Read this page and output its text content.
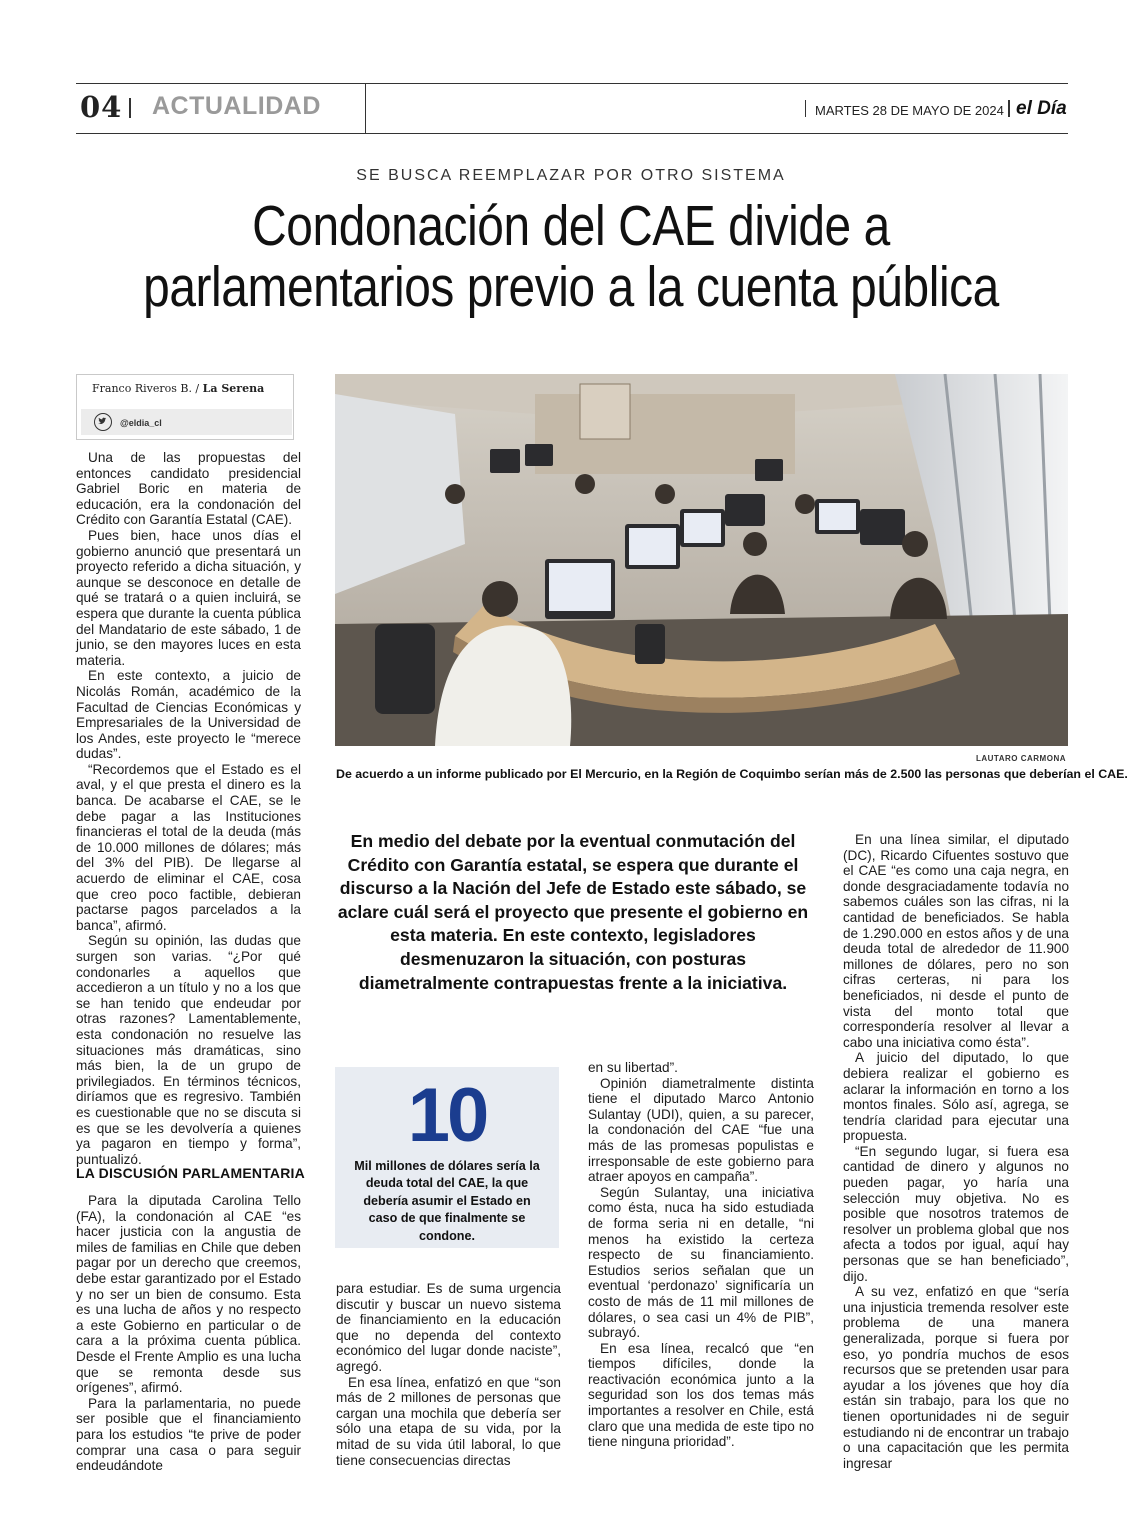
04 ACTUALIDAD	MARTES 28 DE MAYO DE 2024 el Día
SE BUSCA REEMPLAZAR POR OTRO SISTEMA
Condonación del CAE divide a
parlamentarios previo a la cuenta pública
Franco Riveros B. / La Serena
@eldia_cl

Una de las propuestas del entonces candidato presidencial Gabriel Boric en materia de educación, era la condonación del Crédito con Garantía Estatal (CAE).

Pues bien, hace unos días el gobierno anunció que presentará un proyecto referido a dicha situación, y aunque se desconoce en detalle de qué se tratará o a quien incluirá, se espera que durante la cuenta pública del Mandatario de este sábado, 1 de junio, se den mayores luces en esta materia.

En este contexto, a juicio de Nicolás Román, académico de la Facultad de Ciencias Económicas y Empresariales de la Universidad de los Andes, este proyecto le “merece dudas”.

“Recordemos que el Estado es el aval, y el que presta el dinero es la banca. De acabarse el CAE, se le debe pagar a las Instituciones financieras el total de la deuda (más de 10.000 millones de dólares; más del 3% del PIB). De llegarse al acuerdo de eliminar el CAE, cosa que creo poco factible, debieran pactarse pagos parcelados a la banca”, afirmó.

Según su opinión, las dudas que surgen son varias. “¿Por qué condonarles a aquellos que accedieron a un título y no a los que se han tenido que endeudar por otras razones? Lamentablemente, esta condonación no resuelve las situaciones más dramáticas, sino más bien, la de un grupo de privilegiados. En términos técnicos, diríamos que es regresivo. También es cuestionable que no se discuta si es que se les devolvería a quienes ya pagaron en tiempo y forma”, puntualizó.

LA DISCUSIÓN PARLAMENTARIA

Para la diputada Carolina Tello (FA), la condonación al CAE “es hacer justicia con la angustia de miles de familias en Chile que deben pagar por un derecho que creemos, debe estar garantizado por el Estado y no ser un bien de consumo. Esta es una lucha de años y no respecto a este Gobierno en particular o de cara a la próxima cuenta pública. Desde el Frente Amplio es una lucha que se remonta desde sus orígenes”, afirmó.

Para la parlamentaria, no puede ser posible que el financiamiento para los estudios “te prive de poder comprar una casa o para seguir endeudándote

LAUTARO CARMONA
De acuerdo a un informe publicado por El Mercurio, en la Región de Coquimbo serían más de 2.500 las personas que deberían el CAE.
En medio del debate por la eventual conmutación del Crédito con Garantía estatal, se espera que durante el discurso a la Nación del Jefe de Estado este sábado, se aclare cuál será el proyecto que presente el gobierno en esta materia. En este contexto, legisladores desmenuzaron la situación, con posturas diametralmente contrapuestas frente a la iniciativa.
10
Mil millones de dólares sería la deuda total del CAE, la que debería asumir el Estado en caso de que finalmente se condone.

para estudiar. Es de suma urgencia discutir y buscar un nuevo sistema de financiamiento en la educación que no dependa del contexto económico del lugar donde naciste”, agregó.

En esa línea, enfatizó en que “son más de 2 millones de personas que cargan una mochila que debería ser sólo una etapa de su vida, por la mitad de su vida útil laboral, lo que tiene consecuencias directas

en su libertad”.

Opinión diametralmente distinta tiene el diputado Marco Antonio Sulantay (UDI), quien, a su parecer, la condonación del CAE “fue una más de las promesas populistas e irresponsable de este gobierno para atraer apoyos en campaña”.

Según Sulantay, una iniciativa como ésta, nuca ha sido estudiada de forma seria ni en detalle, “ni menos ha existido la certeza respecto de su financiamiento. Estudios serios señalan que un eventual ‘perdonazo’ significaría un costo de más de 11 mil millones de dólares, o sea casi un 4% de PIB”, subrayó.

En esa línea, recalcó que “en tiempos difíciles, donde la reactivación económica junto a la seguridad son los dos temas más importantes a resolver en Chile, está claro que una medida de este tipo no tiene ninguna prioridad”.

En una línea similar, el diputado (DC), Ricardo Cifuentes sostuvo que el CAE “es como una caja negra, en donde desgraciadamente todavía no sabemos cuáles son las cifras, ni la cantidad de beneficiados. Se habla de 1.290.000 en estos años y de una deuda total de alrededor de 11.900 millones de dólares, pero no son cifras certeras, ni para los beneficiados, ni desde el punto de vista del monto total que correspondería resolver al llevar a cabo una iniciativa como ésta”.

A juicio del diputado, lo que debiera realizar el gobierno es aclarar la información en torno a los montos finales. Sólo así, agrega, se tendría claridad para ejecutar una propuesta.

“En segundo lugar, si fuera esa cantidad de dinero y algunos no pueden pagar, yo haría una selección muy objetiva. No es posible que nosotros tratemos de resolver un problema global que nos afecta a todos por igual, aquí hay personas que se han beneficiado”, dijo.

A su vez, enfatizó en que “sería una injusticia tremenda resolver este problema de una manera generalizada, porque si fuera por eso, yo pondría muchos de esos recursos que se pretenden usar para ayudar a los jóvenes que hoy día están sin trabajo, para los que no tienen oportunidades ni de seguir estudiando ni de encontrar un trabajo o una capacitación que les permita ingresar
